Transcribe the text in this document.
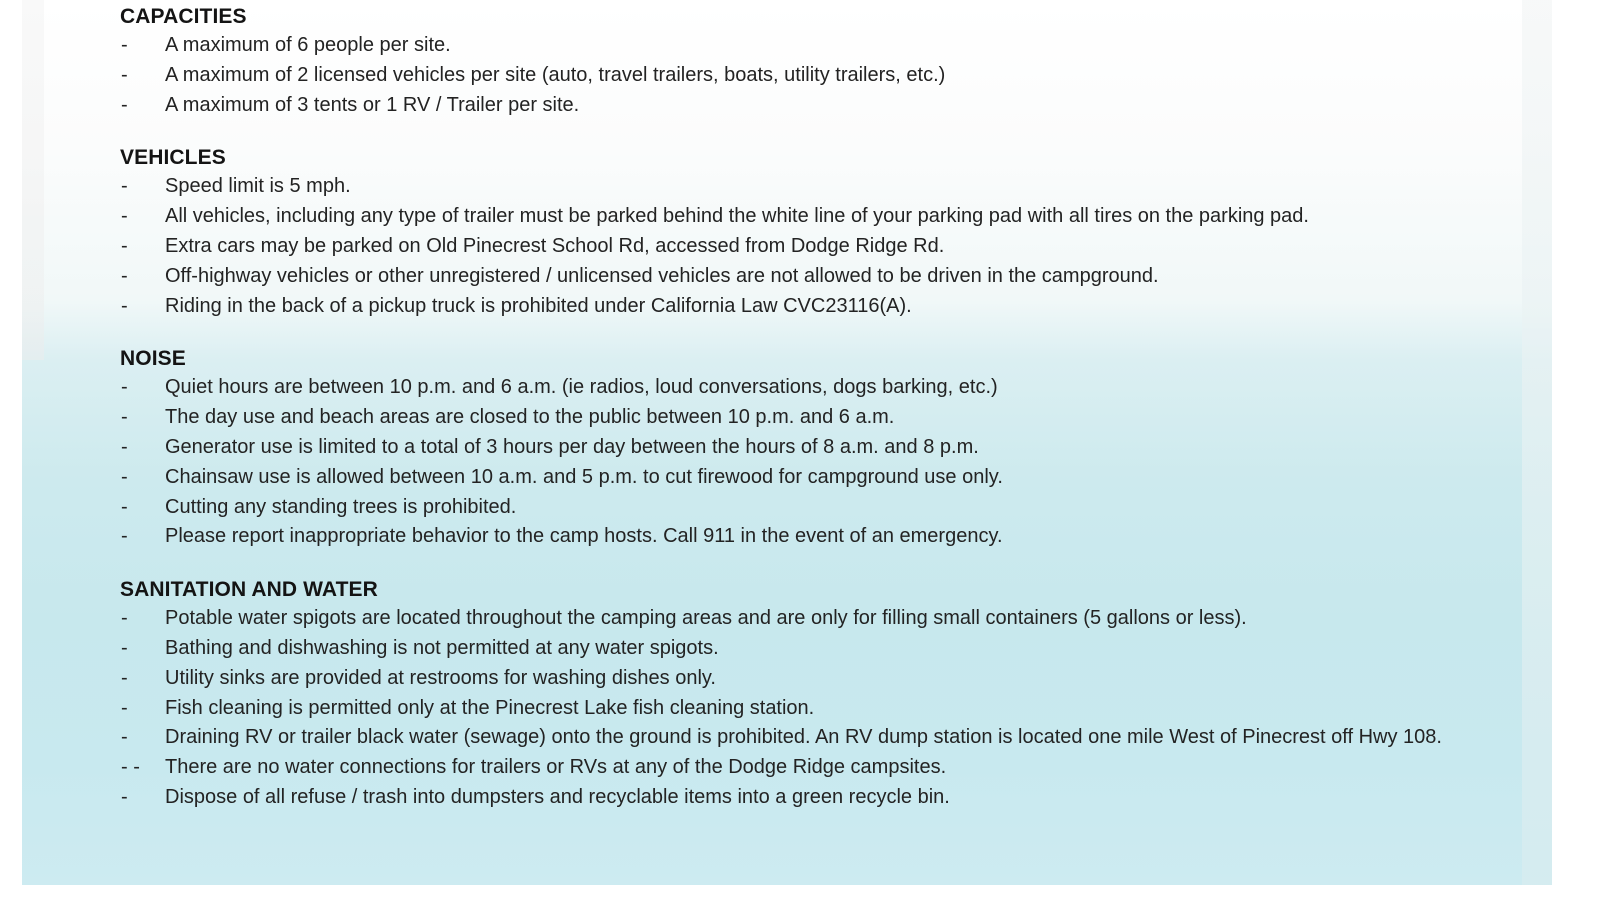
CAPACITIES
-	A maximum of 6 people per site.
-	A maximum of 2 licensed vehicles per site (auto, travel trailers, boats, utility trailers, etc.)
-	A maximum of 3 tents or 1 RV / Trailer per site.
VEHICLES
-	Speed limit is 5 mph.
-	All vehicles, including any type of trailer must be parked behind the white line of your parking pad with all tires on the parking pad.
-	Extra cars may be parked on Old Pinecrest School Rd, accessed from Dodge Ridge Rd.
-	Off-highway vehicles or other unregistered / unlicensed vehicles are not allowed to be driven in the campground.
-	Riding in the back of a pickup truck is prohibited under California Law CVC23116(A).
NOISE
-	Quiet hours are between 10 p.m. and 6 a.m. (ie radios, loud conversations, dogs barking, etc.)
-	The day use and beach areas are closed to the public between 10 p.m. and 6 a.m.
-	Generator use is limited to a total of 3 hours per day between the hours of 8 a.m. and 8 p.m.
-	Chainsaw use is allowed between 10 a.m. and 5 p.m. to cut firewood for campground use only.
-	Cutting any standing trees is prohibited.
-	Please report inappropriate behavior to the camp hosts. Call 911 in the event of an emergency.
SANITATION AND WATER
-	Potable water spigots are located throughout the camping areas and are only for filling small containers (5 gallons or less).
-	Bathing and dishwashing is not permitted at any water spigots.
-	Utility sinks are provided at restrooms for washing dishes only.
-	Fish cleaning is permitted only at the Pinecrest Lake fish cleaning station.
-	Draining RV or trailer black water (sewage) onto the ground is prohibited. An RV dump station is located one mile West of Pinecrest off Hwy 108.
- -	There are no water connections for trailers or RVs at any of the Dodge Ridge campsites.
-	Dispose of all refuse / trash into dumpsters and recyclable items into a green recycle bin.
